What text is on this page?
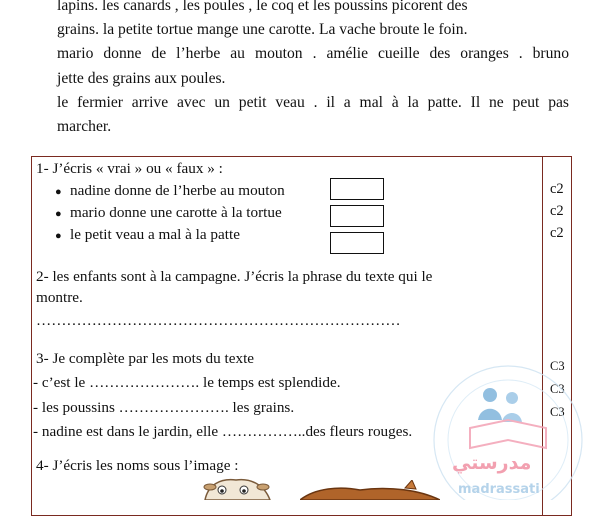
lapins. les canards , les poules , le coq et les poussins picorent des

grains. la petite tortue mange une carotte. La vache broute le foin.

mario donne de l’herbe au mouton . amélie cueille des oranges . bruno

jette des grains aux poules.

le fermier arrive avec un petit veau . il a mal à la patte. Il ne peut pas

marcher.

1- J’écris « vrai » ou « faux » :
● nadine donne de l’herbe au mouton
● mario donne une carotte à la tortue
● le petit veau a mal à la patte
c2
c2
c2
2- les enfants sont à la campagne. J’écris la phrase du texte qui le
montre.
………………………………………………………………
3- Je complète par les mots du texte
- c’est le …………………. le temps est splendide.
- les poussins …………………. les grains.
- nadine est dans le jardin, elle ……………..des fleurs rouges.
C3
C3
C3
4- J’écris les noms sous l’image :	مدرستي
madrassati
